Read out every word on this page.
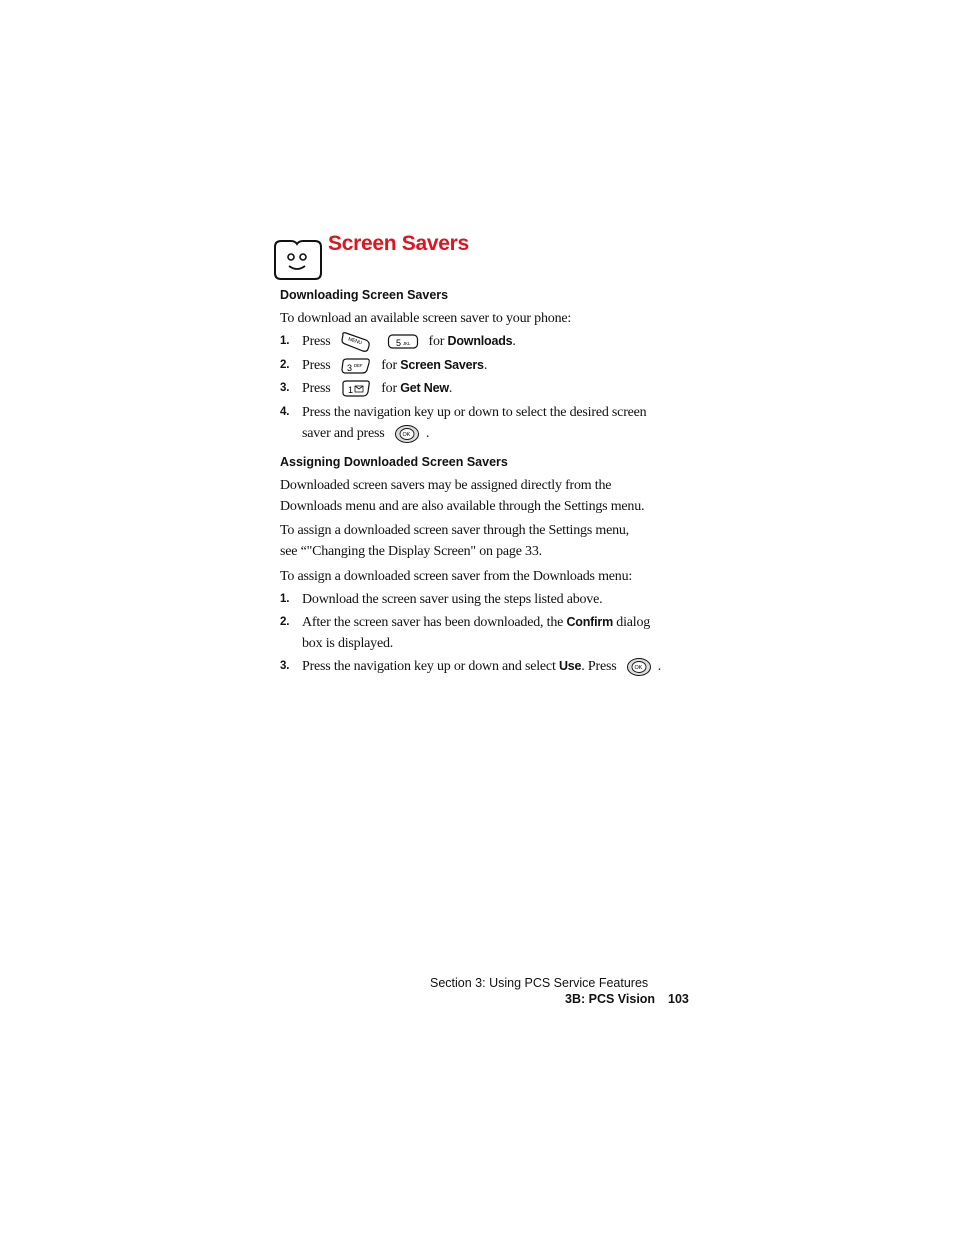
Screen Savers
Downloading Screen Savers
To download an available screen saver to your phone:
1. Press	MENU
	5 JKL for Downloads.
2. Press 3 DEF for Screen Savers.
3. Press 1 for Get New.
4. Press the navigation key up or down to select the desired screen saver and press	OK .
Assigning Downloaded Screen Savers
Downloaded screen savers may be assigned directly from the Downloads menu and are also available through the Settings menu.
To assign a downloaded screen saver through the Settings menu,
see “"Changing the Display Screen" on page 33.
To assign a downloaded screen saver from the Downloads menu:
1. Download the screen saver using the steps listed above.
2. After the screen saver has been downloaded, the Confirm dialog box is displayed.
3. Press the navigation key up or down and select Use. Press	OK .
Section 3: Using PCS Service Features
3B: PCS Vision 103
